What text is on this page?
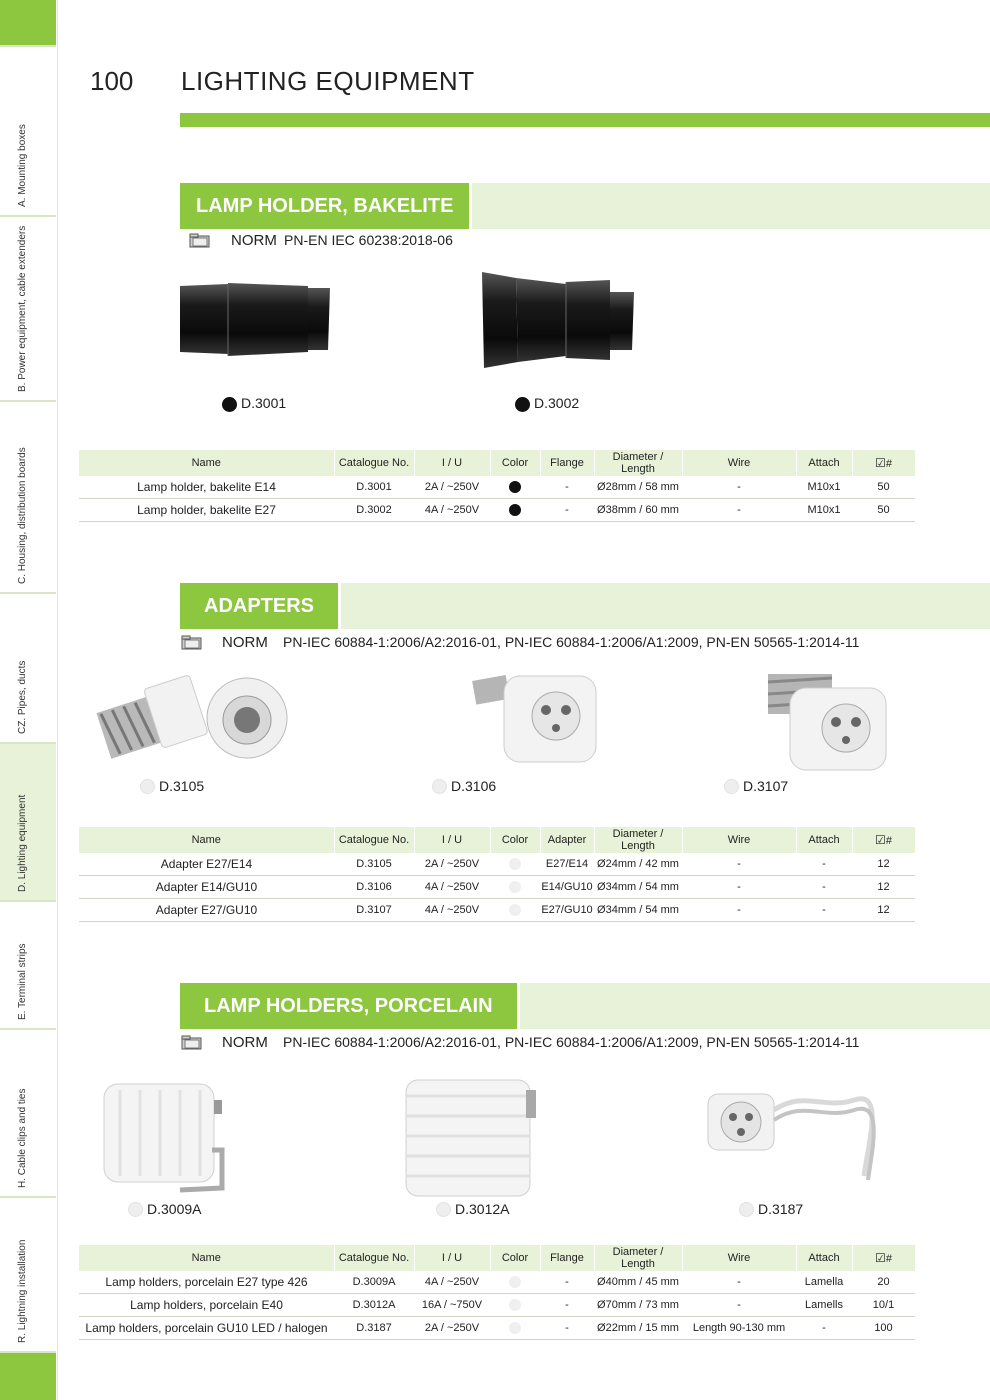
A. Mounting boxes
B. Power equipment, cable extenders
C. Housing, distribution boards
CZ. Pipes, ducts
D. Lighting equipment
E. Terminal strips
H. Cable clips and ties
R. Lightning installation
100 LIGHTING EQUIPMENT
LAMP HOLDER, BAKELITE
NORM PN-EN IEC 60238:2018-06
D.3001	D.3002
Name	Catalogue No.	I / U	Color	Flange	Diameter / Length	Wire	Attach	☑#
Lamp holder, bakelite E14	D.3001	2A / ~250V		-	Ø28mm / 58 mm	-	M10x1	50
Lamp holder, bakelite E27	D.3002	4A / ~250V		-	Ø38mm / 60 mm	-	M10x1	50
ADAPTERS
NORM PN-IEC 60884-1:2006/A2:2016-01, PN-IEC 60884-1:2006/A1:2009, PN-EN 50565-1:2014-11
D.3105	D.3106	D.3107
Name	Catalogue No.	I / U	Color	Adapter	Diameter / Length	Wire	Attach	☑#
Adapter E27/E14	D.3105	2A / ~250V		E27/E14	Ø24mm / 42 mm	-	-	12
Adapter E14/GU10	D.3106	4A / ~250V		E14/GU10	Ø34mm / 54 mm	-	-	12
Adapter E27/GU10	D.3107	4A / ~250V		E27/GU10	Ø34mm / 54 mm	-	-	12
LAMP HOLDERS, PORCELAIN
NORM PN-IEC 60884-1:2006/A2:2016-01, PN-IEC 60884-1:2006/A1:2009, PN-EN 50565-1:2014-11
D.3009A	D.3012A	D.3187
Name	Catalogue No.	I / U	Color	Flange	Diameter / Length	Wire	Attach	☑#
Lamp holders, porcelain E27 type 426	D.3009A	4A / ~250V		-	Ø40mm / 45 mm	-	Lamella	20
Lamp holders, porcelain E40	D.3012A	16A / ~750V		-	Ø70mm / 73 mm	-	Lamells	10/1
Lamp holders, porcelain GU10 LED / halogen	D.3187	2A / ~250V		-	Ø22mm / 15 mm	Length 90-130 mm	-	100
